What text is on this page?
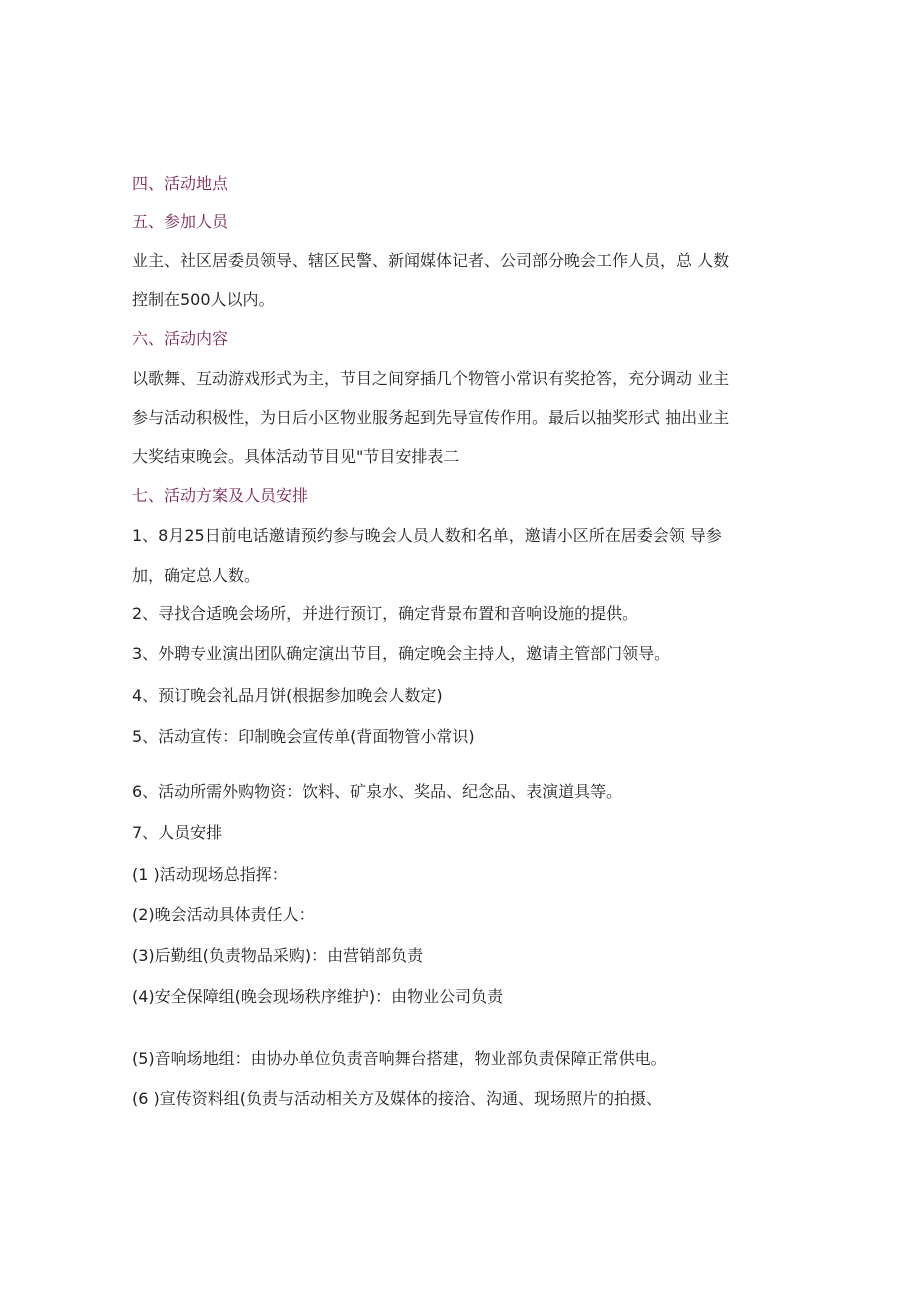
四、活动地点

五、参加人员

业主、社区居委员领导、辖区民警、新闻媒体记者、公司部分晚会工作人员，总 人数

控制在500人以内。

六、活动内容

以歌舞、互动游戏形式为主，节目之间穿插几个物管小常识有奖抢答，充分调动 业主

参与活动积极性，为日后小区物业服务起到先导宣传作用。最后以抽奖形式 抽出业主

大奖结束晚会。具体活动节目见"节目安排表二

七、活动方案及人员安排

1、8月25日前电话邀请预约参与晚会人员人数和名单，邀请小区所在居委会领 导参

加，确定总人数。

2、寻找合适晚会场所，并进行预订，确定背景布置和音响设施的提供。

3、外聘专业演出团队确定演出节目，确定晚会主持人，邀请主管部门领导。

4、预订晚会礼品月饼(根据参加晚会人数定)

5、活动宣传：印制晚会宣传单(背面物管小常识)

6、活动所需外购物资：饮料、矿泉水、奖品、纪念品、表演道具等。

7、人员安排

(1 )活动现场总指挥：

(2)晚会活动具体责任人：

(3)后勤组(负责物品采购)：由营销部负责

(4)安全保障组(晚会现场秩序维护)：由物业公司负责

(5)音响场地组：由协办单位负责音响舞台搭建，物业部负责保障正常供电。

(6 )宣传资料组(负责与活动相关方及媒体的接洽、沟通、现场照片的拍摄、
